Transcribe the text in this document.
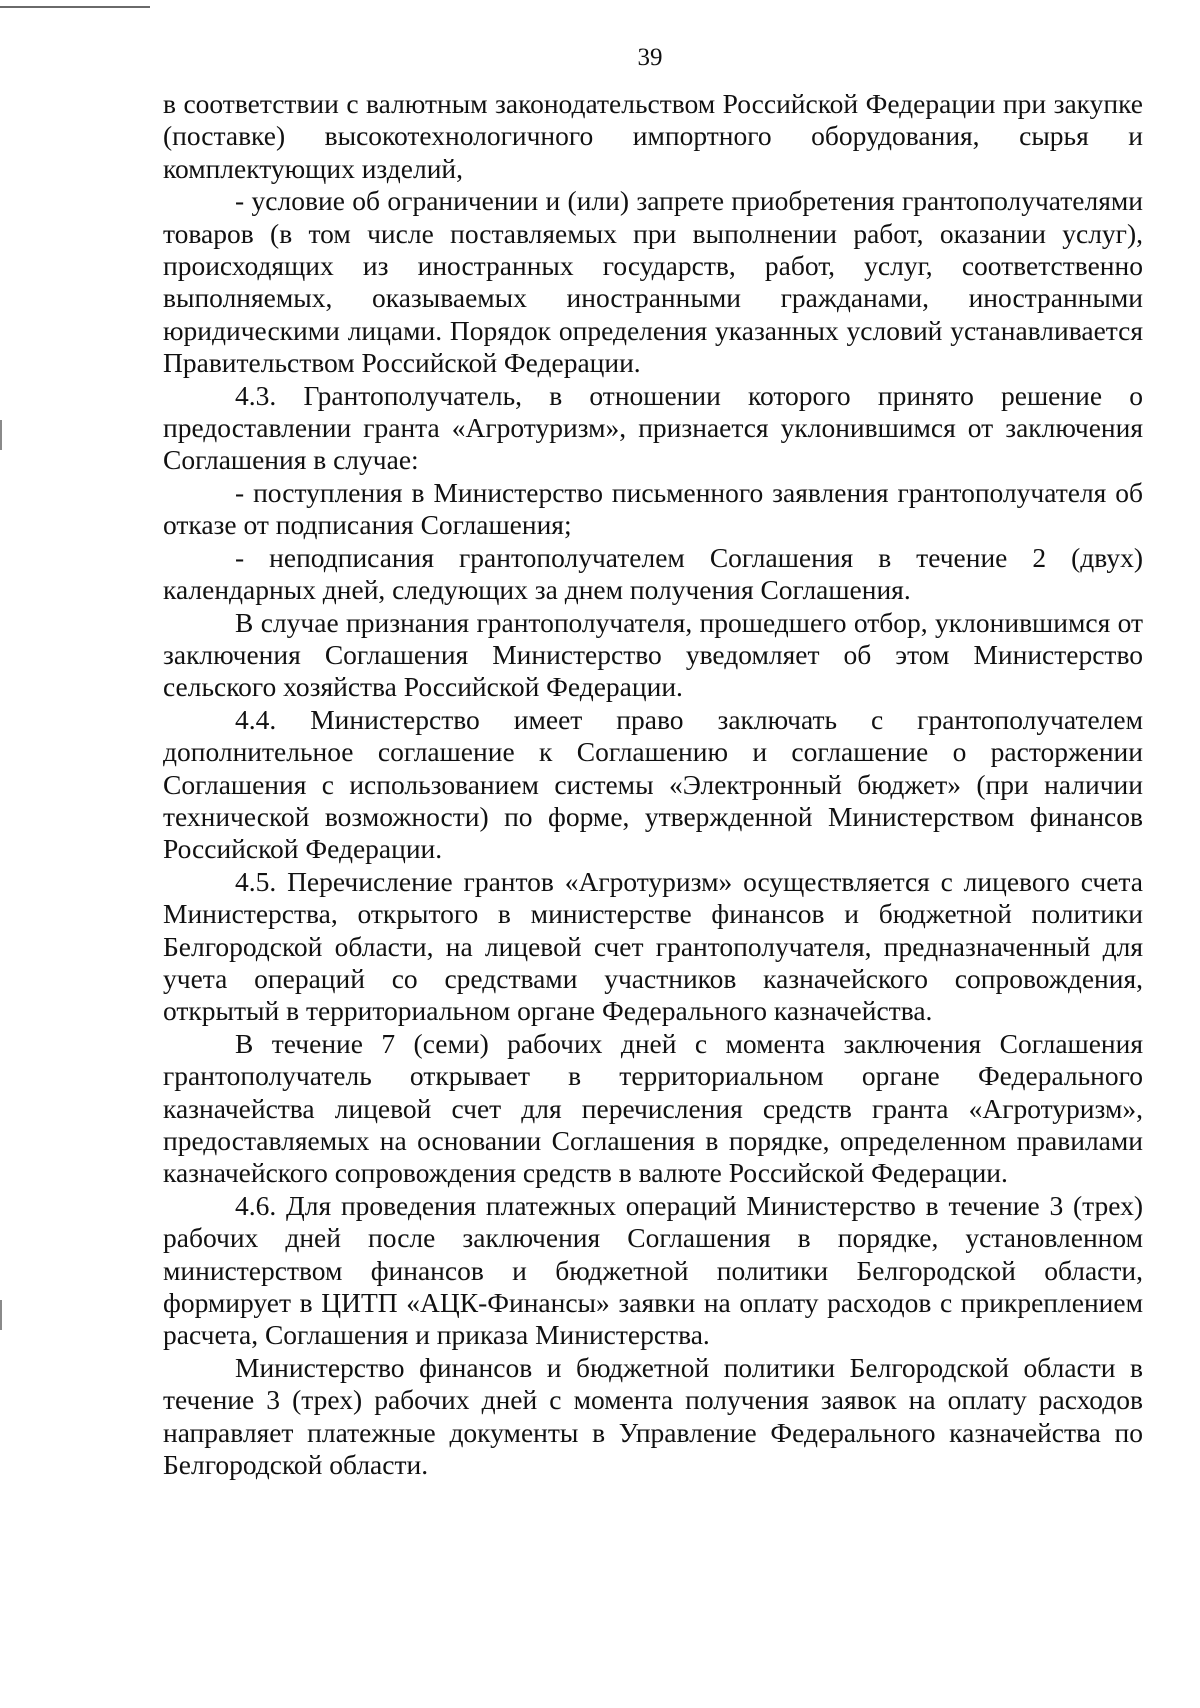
39

в соответствии с валютным законодательством Российской Федерации при закупке (поставке) высокотехнологичного импортного оборудования, сырья и комплектующих изделий,

- условие об ограничении и (или) запрете приобретения грантополучателями товаров (в том числе поставляемых при выполнении работ, оказании услуг), происходящих из иностранных государств, работ, услуг, соответственно выполняемых, оказываемых иностранными гражданами, иностранными юридическими лицами. Порядок определения указанных условий устанавливается Правительством Российской Федерации.

4.3. Грантополучатель, в отношении которого принято решение о предоставлении гранта «Агротуризм», признается уклонившимся от заключения Соглашения в случае:

- поступления в Министерство письменного заявления грантополучателя об отказе от подписания Соглашения;

- неподписания грантополучателем Соглашения в течение 2 (двух) календарных дней, следующих за днем получения Соглашения.

В случае признания грантополучателя, прошедшего отбор, уклонившимся от заключения Соглашения Министерство уведомляет об этом Министерство сельского хозяйства Российской Федерации.

4.4. Министерство имеет право заключать с грантополучателем дополнительное соглашение к Соглашению и соглашение о расторжении Соглашения с использованием системы «Электронный бюджет» (при наличии технической возможности) по форме, утвержденной Министерством финансов Российской Федерации.

4.5. Перечисление грантов «Агротуризм» осуществляется с лицевого счета Министерства, открытого в министерстве финансов и бюджетной политики Белгородской области, на лицевой счет грантополучателя, предназначенный для учета операций со средствами участников казначейского сопровождения, открытый в территориальном органе Федерального казначейства.

В течение 7 (семи) рабочих дней с момента заключения Соглашения грантополучатель открывает в территориальном органе Федерального казначейства лицевой счет для перечисления средств гранта «Агротуризм», предоставляемых на основании Соглашения в порядке, определенном правилами казначейского сопровождения средств в валюте Российской Федерации.

4.6. Для проведения платежных операций Министерство в течение 3 (трех) рабочих дней после заключения Соглашения в порядке, установленном министерством финансов и бюджетной политики Белгородской области, формирует в ЦИТП «АЦК-Финансы» заявки на оплату расходов с прикреплением расчета, Соглашения и приказа Министерства.

Министерство финансов и бюджетной политики Белгородской области в течение 3 (трех) рабочих дней с момента получения заявок на оплату расходов направляет платежные документы в Управление Федерального казначейства по Белгородской области.
